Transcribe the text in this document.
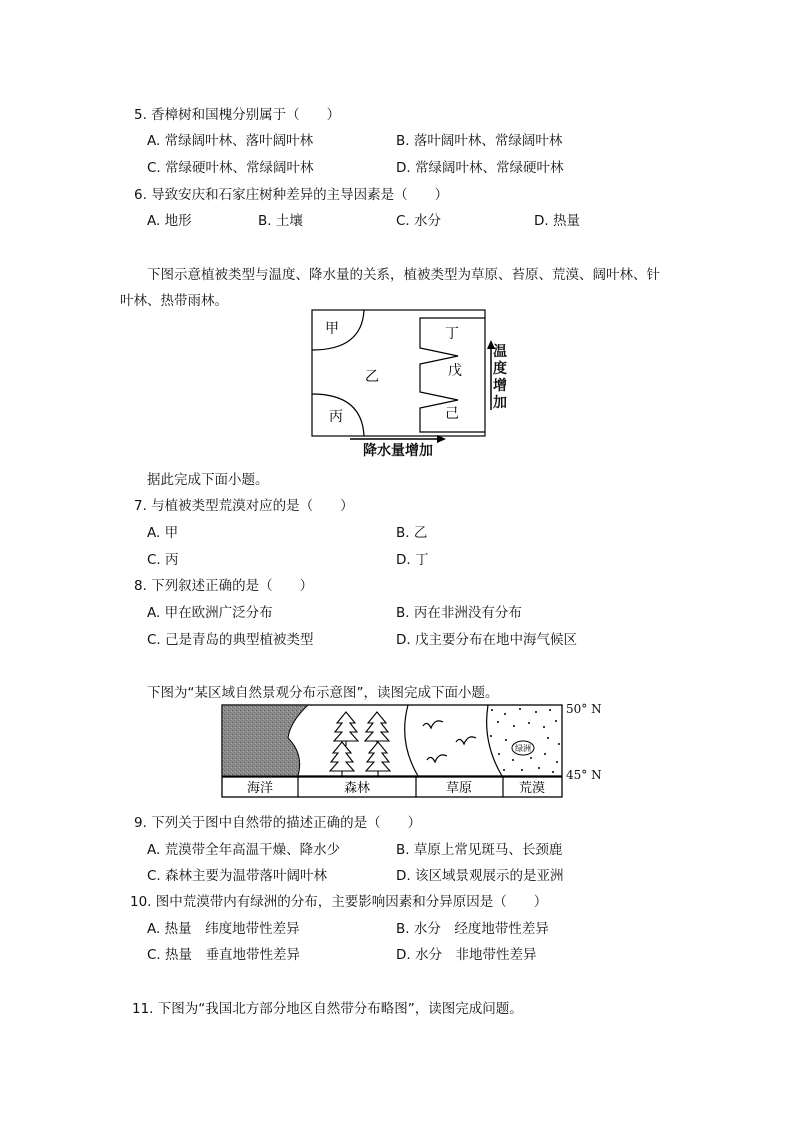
5. 香樟树和国槐分别属于（　　）
A. 常绿阔叶林、落叶阔叶林	B. 落叶阔叶林、常绿阔叶林
C. 常绿硬叶林、常绿阔叶林	D. 常绿阔叶林、常绿硬叶林
6. 导致安庆和石家庄树种差异的主导因素是（　　）
A. 地形	B. 土壤	C. 水分	D. 热量
下图示意植被类型与温度、降水量的关系，植被类型为草原、苔原、荒漠、阔叶林、针
叶林、热带雨林。
甲
乙
丙
丁
戊
己
温度增加
降水量增加
据此完成下面小题。
7. 与植被类型荒漠对应的是（　　）
A. 甲	B. 乙
C. 丙	D. 丁
8. 下列叙述正确的是（　　）
A. 甲在欧洲广泛分布	B. 丙在非洲没有分布
C. 己是青岛的典型植被类型	D. 戊主要分布在地中海气候区
下图为“某区域自然景观分布示意图”，读图完成下面小题。
绿洲
海洋	森林	草原	荒漠
50° N
45° N
9. 下列关于图中自然带的描述正确的是（　　）
A. 荒漠带全年高温干燥、降水少	B. 草原上常见斑马、长颈鹿
C. 森林主要为温带落叶阔叶林	D. 该区域景观展示的是亚洲
10. 图中荒漠带内有绿洲的分布，主要影响因素和分异原因是（　　）
A. 热量　纬度地带性差异	B. 水分　经度地带性差异
C. 热量　垂直地带性差异	D. 水分　非地带性差异
11. 下图为“我国北方部分地区自然带分布略图”，读图完成问题。
